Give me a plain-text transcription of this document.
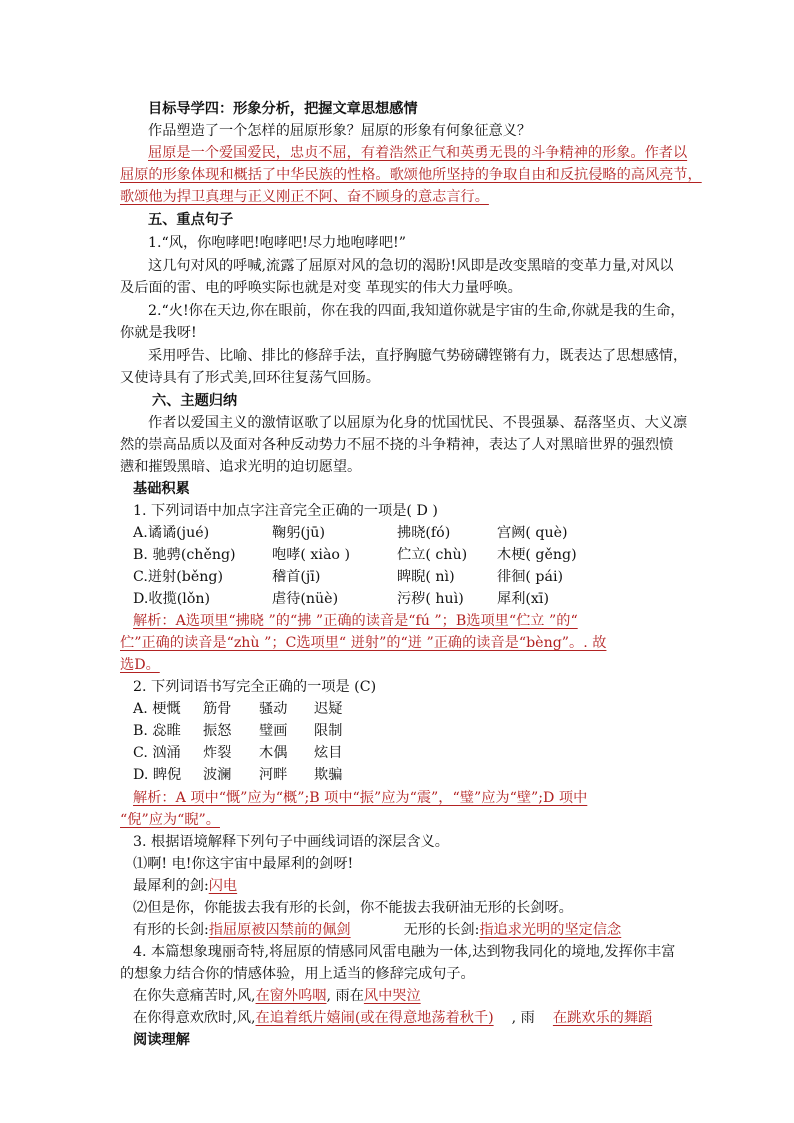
目标导学四：形象分析，把握文章思想感情
作品塑造了一个怎样的屈原形象？屈原的形象有何象征意义？
屈原是一个爱国爱民，忠贞不屈，有着浩然正气和英勇无畏的斗争精神的形象。作者以
屈原的形象体现和概括了中华民族的性格。歌颂他所坚持的争取自由和反抗侵略的高风亮节，
歌颂他为捍卫真理与正义刚正不阿、奋不顾身的意志言行。
五、重点句子
1.“风，你咆哮吧!咆哮吧!尽力地咆哮吧!”
这几句对风的呼喊,流露了屈原对风的急切的渴盼!风即是改变黑暗的变革力量,对风以
及后面的雷、电的呼唤实际也就是对变 革现实的伟大力量呼唤。
2.“火!你在天边,你在眼前，你在我的四面,我知道你就是宇宙的生命,你就是我的生命，
你就是我呀!
采用呼告、比喻、排比的修辞手法，直抒胸臆气势磅礴铿锵有力，既表达了思想感情，
又使诗具有了形式美,回环往复荡气回肠。
六、主题归纳
作者以爱国主义的激情讴歌了以屈原为化身的忧国忧民、不畏强暴、磊落坚贞、大义凛
然的崇高品质以及面对各种反动势力不屈不挠的斗争精神，表达了人对黑暗世界的强烈愤
懑和摧毁黑暗、追求光明的迫切愿望。
基础积累
1. 下列词语中加点字注音完全正确的一项是( D )
A.谲谲(jué)	鞠躬(jū)	拂晓(fó)	宫阙( què)
B. 驰骋(chěng)	咆哮( xiào )	伫立( chù) 木梗( gěng)
C.迸射(běng)	稽首(jī)	睥睨( nì)	徘徊( pái)
D.收揽(lǒn)	虐待(nüè)	污秽( huì) 犀利(xī)
解析：A选项里“拂晓 ”的“拂 ”正确的读音是“fú ”；B选项里“伫立 ”的“
伫”正确的读音是“zhù ”；C选项里“ 迸射”的“迸 ”正确的读音是“bèng”。. 故
选D。
2. 下列词语书写完全正确的一项是 (C)
A. 梗慨 筋骨 骚动 迟疑
B. 惢睢 振怒 璧画 限制
C. 汹涌 炸裂 木偶 炫目
D. 睥倪 波澜 河畔 欺骗
解析：A 项中“慨”应为“概”;B 项中“振”应为“震”，“璧”应为“壁”;D 项中
“倪”应为“睨”。
3. 根据语境解释下列句子中画线词语的深层含义。
⑴啊! 电!你这宇宙中最犀利的剑呀!
最犀利的剑:闪电
⑵但是你，你能拔去我有形的长剑，你不能拔去我研油无形的长剑呀。
有形的长剑:指屈原被囚禁前的佩剑	无形的长剑:指追求光明的坚定信念
4. 本篇想象瑰丽奇特,将屈原的情感同风雷电融为一体,达到物我同化的境地,发挥你丰富
的想象力结合你的情感体验，用上适当的修辞完成句子。
在你失意痛苦时,风,在窗外呜咽, 雨在风中哭泣
在你得意欢欣时,风,在追着纸片嬉闹(或在得意地荡着秋千)    , 雨    在跳欢乐的舞蹈
阅读理解
